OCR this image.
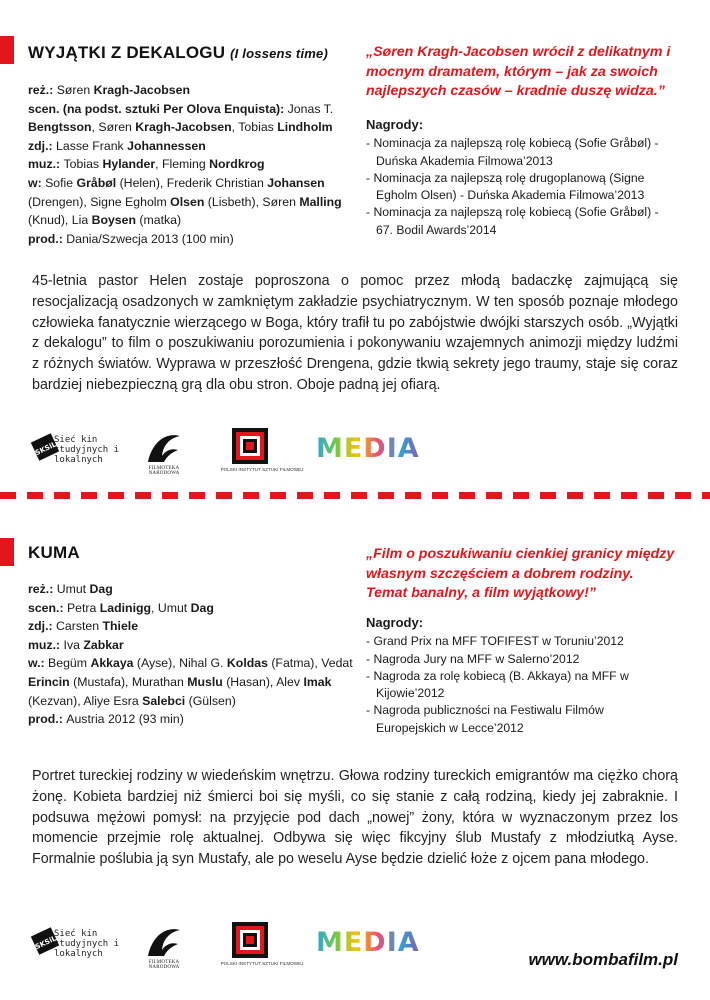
WYJĄTKI Z DEKALOGU (I lossens time)
reż.: Søren Kragh-Jacobsen
scen. (na podst. sztuki Per Olova Enquista): Jonas T. Bengtsson, Søren Kragh-Jacobsen, Tobias Lindholm
zdj.: Lasse Frank Johannessen
muz.: Tobias Hylander, Fleming Nordkrog
w: Sofie Gråbøl (Helen), Frederik Christian Johansen (Drengen), Signe Egholm Olsen (Lisbeth), Søren Malling (Knud), Lia Boysen (matka)
prod.: Dania/Szwecja 2013 (100 min)
„Søren Kragh-Jacobsen wrócił z delikatnym i mocnym dramatem, którym – jak za swoich najlepszych czasów – kradnie duszę widza.”
Nagrody:
- Nominacja za najlepszą rolę kobiecą (Sofie Gråbøl) - Duńska Akademia Filmowa’2013
- Nominacja za najlepszą rolę drugoplanową (Signe Egholm Olsen) - Duńska Akademia Filmowa’2013
- Nominacja za najlepszą rolę kobiecą (Sofie Gråbøl) - 67. Bodil Awards’2014
45-letnia pastor Helen zostaje poproszona o pomoc przez młodą badaczkę zajmującą się resocjalizacją osadzonych w zamkniętym zakładzie psychiatrycznym. W ten sposób poznaje młodego człowieka fanatycznie wierzącego w Boga, który trafił tu po zabójstwie dwójki starszych osób. „Wyjątki z dekalogu” to film o poszukiwaniu porozumienia i pokonywaniu wzajemnych animozji między ludźmi z różnych światów. Wyprawa w przeszłość Drengena, gdzie tkwią sekrety jego traumy, staje się coraz bardziej niebezpieczną grą dla obu stron. Oboje padną jej ofiarą.
SKSiL
Sieć kin studyjnych i lokalnych
FILMOTEKA NARODOWA
POLSKI INSTYTUT SZTUKI FILMOWEJ
MEDIA
KUMA
reż.: Umut Dag
scen.: Petra Ladinigg, Umut Dag
zdj.: Carsten Thiele
muz.: Iva Zabkar
w.: Begüm Akkaya (Ayse), Nihal G. Koldas (Fatma), Vedat Erincin (Mustafa), Murathan Muslu (Hasan), Alev Imak (Kezvan), Aliye Esra Salebci (Gülsen)
prod.: Austria 2012 (93 min)
„Film o poszukiwaniu cienkiej granicy między własnym szczęściem a dobrem rodziny. Temat banalny, a film wyjątkowy!”
Nagrody:
- Grand Prix na MFF TOFIFEST w Toruniu’2012
- Nagroda Jury na MFF w Salerno’2012
- Nagroda za rolę kobiecą (B. Akkaya) na MFF w Kijowie’2012
- Nagroda publiczności na Festiwalu Filmów Europejskich w Lecce’2012
Portret tureckiej rodziny w wiedeńskim wnętrzu. Głowa rodziny tureckich emigrantów ma ciężko chorą żonę. Kobieta bardziej niż śmierci boi się myśli, co się stanie z całą rodziną, kiedy jej zabraknie. I podsuwa mężowi pomysł: na przyjęcie pod dach „nowej” żony, która w wyznaczonym przez los momencie przejmie rolę aktualnej. Odbywa się więc fikcyjny ślub Mustafy z młodziutką Ayse. Formalnie poślubia ją syn Mustafy, ale po weselu Ayse będzie dzielić łoże z ojcem pana młodego.
SKSiL
Sieć kin studyjnych i lokalnych
FILMOTEKA NARODOWA
POLSKI INSTYTUT SZTUKI FILMOWEJ
MEDIA
www.bombafilm.pl
